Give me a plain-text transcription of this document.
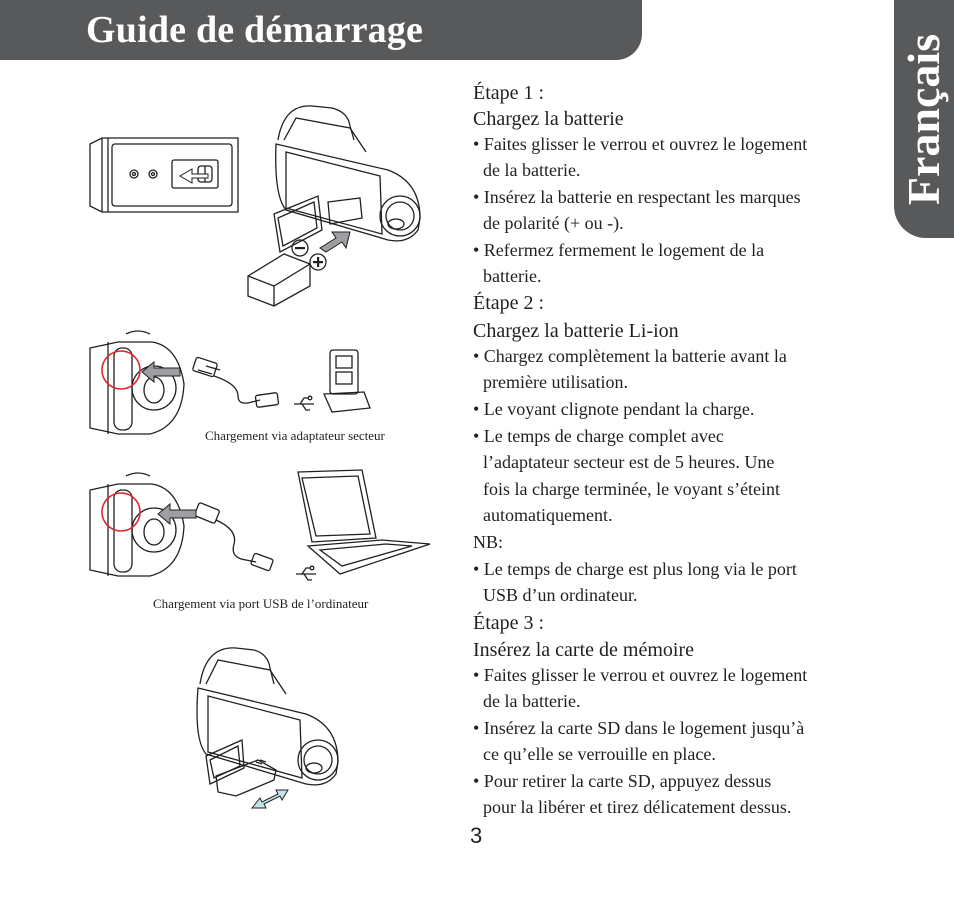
Guide de démarrage
Français
Chargement via adaptateur secteur
Chargement via port USB de l’ordinateur
Étape 1 :
Chargez la batterie
• Faites glisser le verrou et ouvrez le logement
de la batterie.
• Insérez la batterie en respectant les marques
de polarité (+ ou -).
• Refermez fermement le logement de la
batterie.
Étape 2 :
Chargez la batterie Li-ion
• Chargez complètement la batterie avant la
première utilisation.
• Le voyant clignote pendant la charge.
• Le temps de charge complet avec
l’adaptateur secteur est de 5 heures. Une
fois la charge terminée, le voyant s’éteint
automatiquement.
NB:
• Le temps de charge est plus long via le port
USB d’un ordinateur.
Étape 3 :
Insérez la carte de mémoire
• Faites glisser le verrou et ouvrez le logement
de la batterie.
• Insérez la carte SD dans le logement jusqu’à
ce qu’elle se verrouille en place.
• Pour retirer la carte SD, appuyez dessus
pour la libérer et tirez délicatement dessus.
3
